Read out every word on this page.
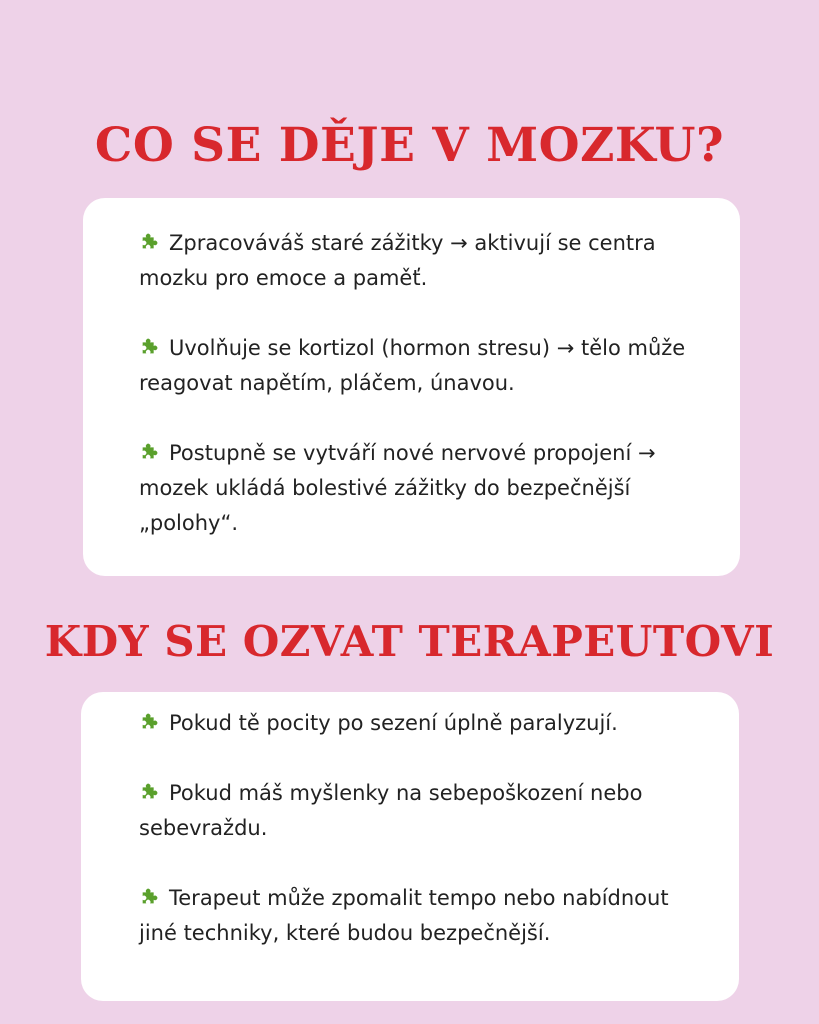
CO SE DĚJE V MOZKU?

Zpracováváš staré zážitky → aktivují se centra mozku pro emoce a paměť.

Uvolňuje se kortizol (hormon stresu) → tělo může reagovat napětím, pláčem, únavou.

Postupně se vytváří nové nervové propojení → mozek ukládá bolestivé zážitky do bezpečnější „polohy“.

KDY SE OZVAT TERAPEUTOVI

Pokud tě pocity po sezení úplně paralyzují.

Pokud máš myšlenky na sebepoškození nebo sebevraždu.

Terapeut může zpomalit tempo nebo nabídnout jiné techniky, které budou bezpečnější.
